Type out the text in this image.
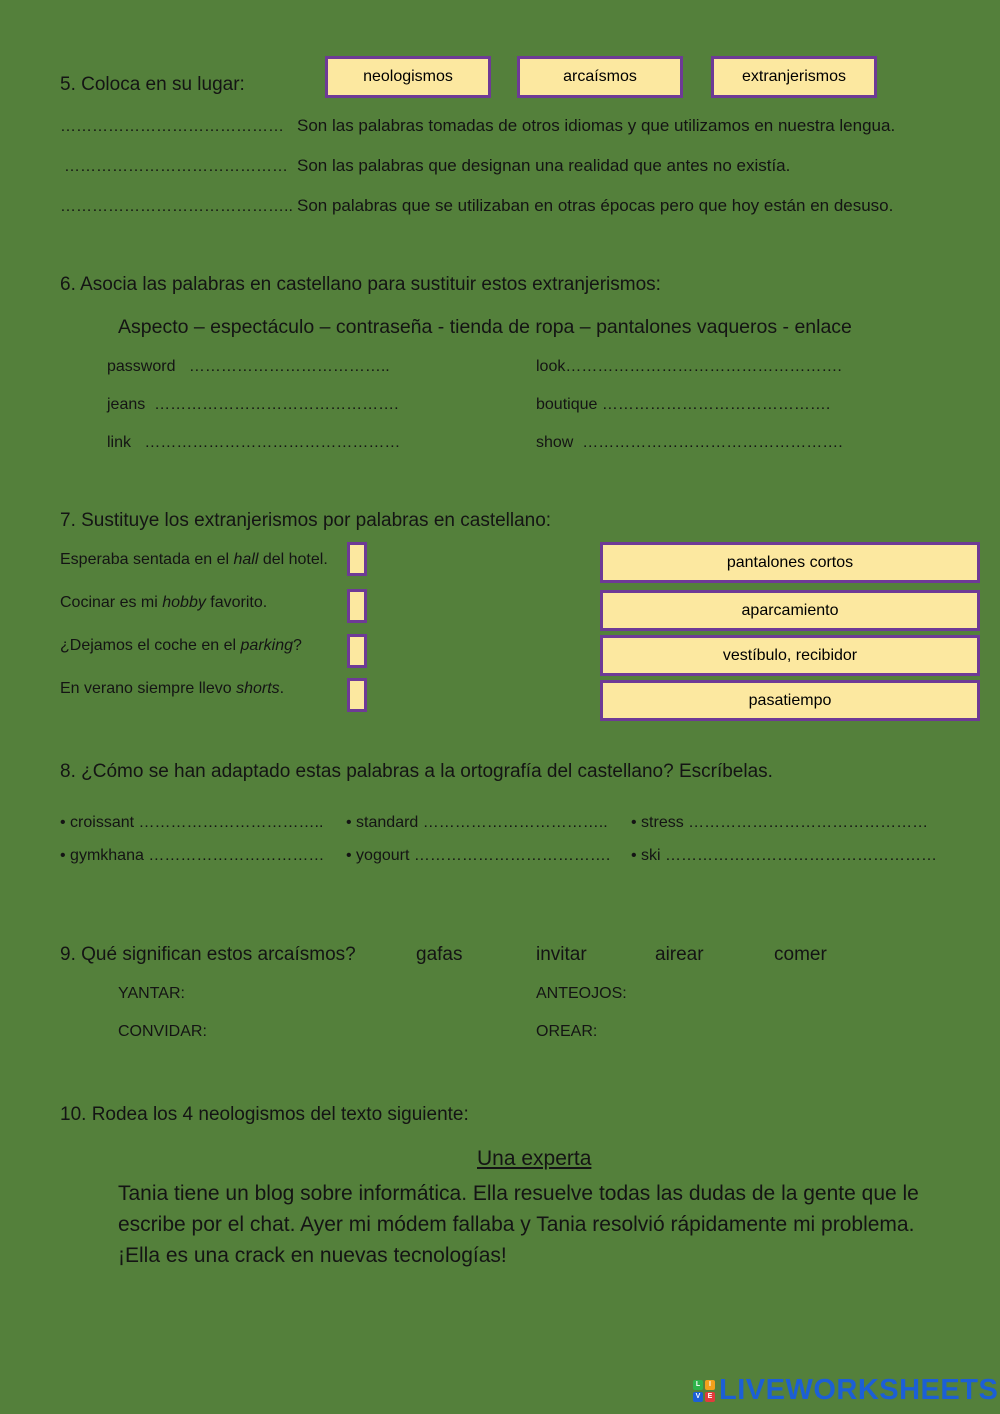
5. Coloca en su lugar:	neologismos	arcaísmos	extranjerismos
…………………………………… Son las palabras tomadas de otros idiomas y que utilizamos en nuestra lengua.
…………………………………… Son las palabras que designan una realidad que antes no existía.
…………………………………….. Son palabras que se utilizaban en otras épocas pero que hoy están en desuso.
6. Asocia las palabras en castellano para sustituir estos extranjerismos:
Aspecto – espectáculo – contraseña - tienda de ropa – pantalones vaqueros - enlace
password ………………………………..	look…………………………………………….
jeans ……………………………………….	boutique …………………………………….
link …………………………………………	show ………………………………………….
7. Sustituye los extranjerismos por palabras en castellano:
Esperaba sentada en el hall del hotel.
Cocinar es mi hobby favorito.
¿Dejamos el coche en el parking?
En verano siempre llevo shorts.
pantalones cortos
aparcamiento
vestíbulo, recibidor
pasatiempo
8. ¿Cómo se han adaptado estas palabras a la ortografía del castellano? Escríbelas.
• croissant …………………………….. • standard …………………………….. • stress ………………………………………
• gymkhana …………………………… • yogourt ………………………………. • ski ……………………………………………
9. Qué significan estos arcaísmos?	gafas	invitar	airear	comer
YANTAR:	ANTEOJOS:
CONVIDAR:	OREAR:
10. Rodea los 4 neologismos del texto siguiente:
Una experta
Tania tiene un blog sobre informática. Ella resuelve todas las dudas de la gente que le
escribe por el chat. Ayer mi módem fallaba y Tania resolvió rápidamente mi problema.
¡Ella es una crack en nuevas tecnologías!
L	I
V	E LIVEWORKSHEETS
